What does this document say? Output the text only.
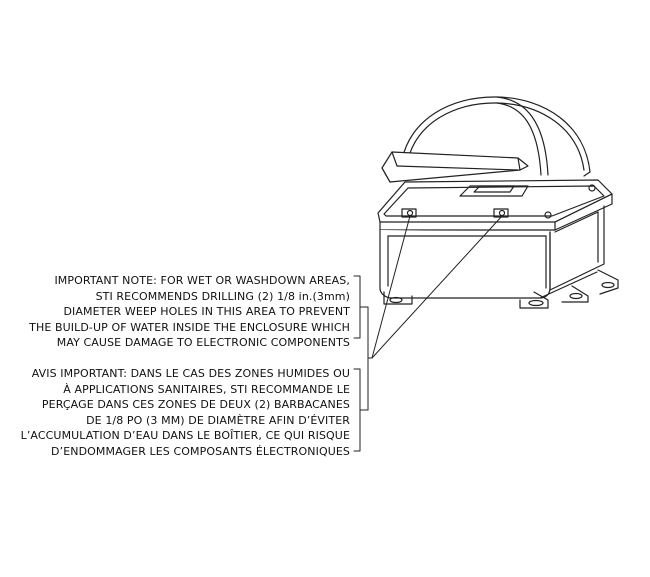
IMPORTANT NOTE: FOR WET OR WASHDOWN AREAS,
STI RECOMMENDS DRILLING (2) 1/8 in.(3mm)
DIAMETER WEEP HOLES IN THIS AREA TO PREVENT
THE BUILD-UP OF WATER INSIDE THE ENCLOSURE WHICH
MAY CAUSE DAMAGE TO ELECTRONIC COMPONENTS
AVIS IMPORTANT: DANS LE CAS DES ZONES HUMIDES OU
À APPLICATIONS SANITAIRES, STI RECOMMANDE LE
PERÇAGE DANS CES ZONES DE DEUX (2) BARBACANES
DE 1/8 PO (3 MM) DE DIAMÈTRE AFIN D’ÉVITER
L’ACCUMULATION D’EAU DANS LE BOÎTIER, CE QUI RISQUE
D’ENDOMMAGER LES COMPOSANTS ÉLECTRONIQUES
